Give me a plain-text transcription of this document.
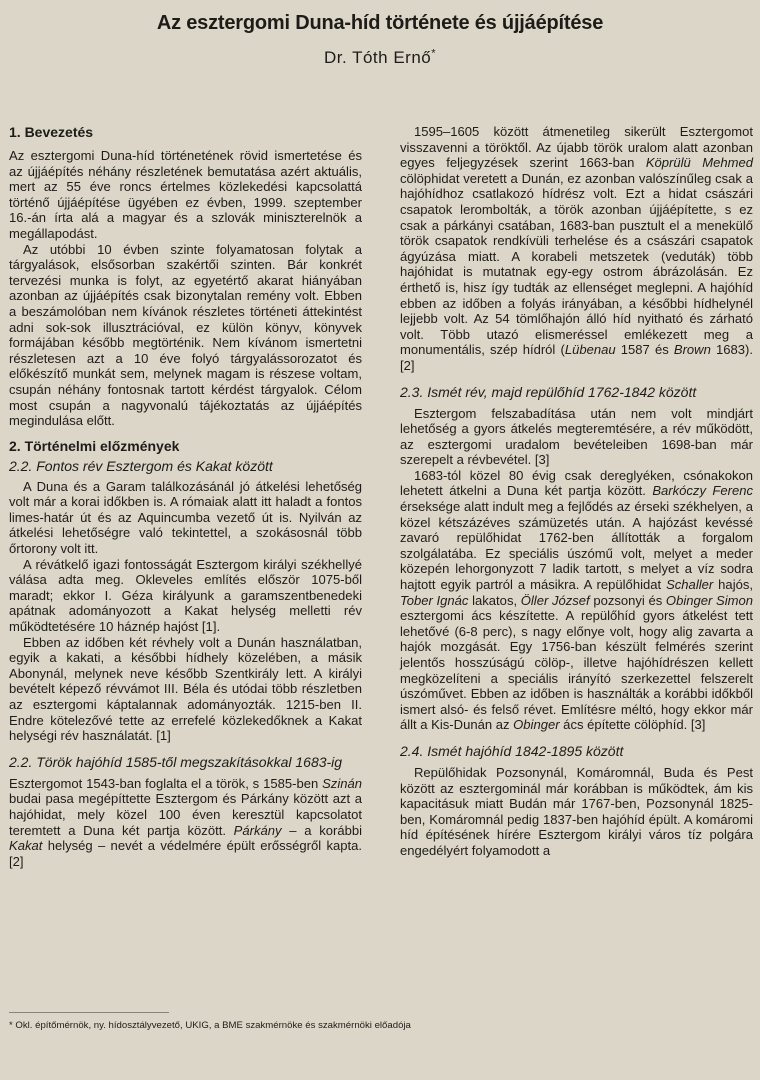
Az esztergomi Duna-híd története és újjáépítése
Dr. Tóth Ernő*
1. Bevezetés

Az esztergomi Duna-híd történetének rövid ismertetése és az újjáépítés néhány részletének bemutatása azért aktuális, mert az 55 éve roncs értelmes közlekedési kapcsolattá történő újjáépítése ügyében ez évben, 1999. szeptember 16.-án írta alá a magyar és a szlovák miniszterelnök a megállapodást.

Az utóbbi 10 évben szinte folyamatosan folytak a tárgyalások, elsősorban szakértői szinten. Bár konkrét tervezési munka is folyt, az egyetértő akarat hiányában azonban az újjáépítés csak bizonytalan remény volt. Ebben a beszámolóban nem kívánok részletes történeti áttekintést adni sok-sok illusztrációval, ez külön könyv, könyvek formájában később megtörténik. Nem kívánom ismertetni részletesen azt a 10 éve folyó tárgyalássorozatot és előkészítő munkát sem, melynek magam is részese voltam, csupán néhány fontosnak tartott kérdést tárgyalok. Célom most csupán a nagyvonalú tájékoztatás az újjáépítés megindulása előtt.

2. Történelmi előzmények
2.2. Fontos rév Esztergom és Kakat között

A Duna és a Garam találkozásánál jó átkelési lehetőség volt már a korai időkben is. A rómaiak alatt itt haladt a fontos limes-határ út és az Aquincumba vezető út is. Nyilván az átkelési lehetőségre való tekintettel, a szokásosnál több őrtorony volt itt.

A révátkelő igazi fontosságát Esztergom királyi székhellyé válása adta meg. Okleveles említés először 1075-ből maradt; ekkor I. Géza királyunk a garamszentbenedeki apátnak adományozott a Kakat helység melletti rév működtetésére 10 háznép hajóst [1].

Ebben az időben két révhely volt a Dunán használatban, egyik a kakati, a későbbi hídhely közelében, a másik Abonynál, melynek neve később Szentkirály lett. A királyi bevételt képező révvámot III. Béla és utódai több részletben az esztergomi káptalannak adományozták. 1215-ben II. Endre kötelezővé tette az errefelé közlekedőknek a Kakat helységi rév használatát. [1]

2.2. Török hajóhíd 1585-től megszakításokkal 1683-ig

Esztergomot 1543-ban foglalta el a török, s 1585-ben Szinán budai pasa megépíttette Esztergom és Párkány között azt a hajóhidat, mely közel 100 éven keresztül kapcsolatot teremtett a Duna két partja között. Párkány – a korábbi Kakat helység – nevét a védelmére épült erősségről kapta. [2]

1595–1605 között átmenetileg sikerült Esztergomot visszavenni a töröktől. Az újabb török uralom alatt azonban egyes feljegyzések szerint 1663-ban Köprülü Mehmed cölöphidat veretett a Dunán, ez azonban valószínűleg csak a hajóhídhoz csatlakozó hídrész volt. Ezt a hidat császári csapatok lerombolták, a török azonban újjáépítette, s ez csak a párkányi csatában, 1683-ban pusztult el a menekülő török csapatok rendkívüli terhelése és a császári csapatok ágyúzása miatt. A korabeli metszetek (veduták) több hajóhidat is mutatnak egy-egy ostrom ábrázolásán. Ez érthető is, hisz így tudták az ellenséget meglepni. A hajóhíd ebben az időben a folyás irányában, a későbbi hídhelynél lejjebb volt. Az 54 tömlőhajón álló híd nyitható és zárható volt. Több utazó elismeréssel emlékezett meg a monumentális, szép hídról (Lübenau 1587 és Brown 1683). [2]

2.3. Ismét rév, majd repülőhíd 1762-1842 között

Esztergom felszabadítása után nem volt mindjárt lehetőség a gyors átkelés megteremtésére, a rév működött, az esztergomi uradalom bevételeiben 1698-ban már szerepelt a révbevétel. [3]

1683-tól közel 80 évig csak dereglyéken, csónakokon lehetett átkelni a Duna két partja között. Barkóczy Ferenc érseksége alatt indult meg a fejlődés az érseki székhelyen, a közel kétszázéves számüzetés után. A hajózást kevéssé zavaró repülőhidat 1762-ben állították a forgalom szolgálatába. Ez speciális úszómű volt, melyet a meder közepén lehorgonyzott 7 ladik tartott, s melyet a víz sodra hajtott egyik partról a másikra. A repülőhidat Schaller hajós, Tober Ignác lakatos, Öller József pozsonyi és Obinger Simon esztergomi ács készítette. A repülőhíd gyors átkelést tett lehetővé (6-8 perc), s nagy előnye volt, hogy alig zavarta a hajók mozgását. Egy 1756-ban készült felmérés szerint jelentős hosszúságú cölöp-, illetve hajóhídrészen kellett megközelíteni a speciális irányító szerkezettel felszerelt úszóművet. Ebben az időben is használták a korábbi időkből ismert alsó- és felső révet. Említésre méltó, hogy ekkor már állt a Kis-Dunán az Obinger ács építette cölöphíd. [3]

2.4. Ismét hajóhíd 1842-1895 között

Repülőhidak Pozsonynál, Komáromnál, Buda és Pest között az esztergominál már korábban is működtek, ám kis kapacitásuk miatt Budán már 1767-ben, Pozsonynál 1825-ben, Komáromnál pedig 1837-ben hajóhíd épült. A komáromi híd építésének hírére Esztergom királyi város tíz polgára engedélyért folyamodott a

* Okl. építőmérnök, ny. hídosztályvezető, UKIG, a BME szakmérnöke és szakmérnöki előadója
